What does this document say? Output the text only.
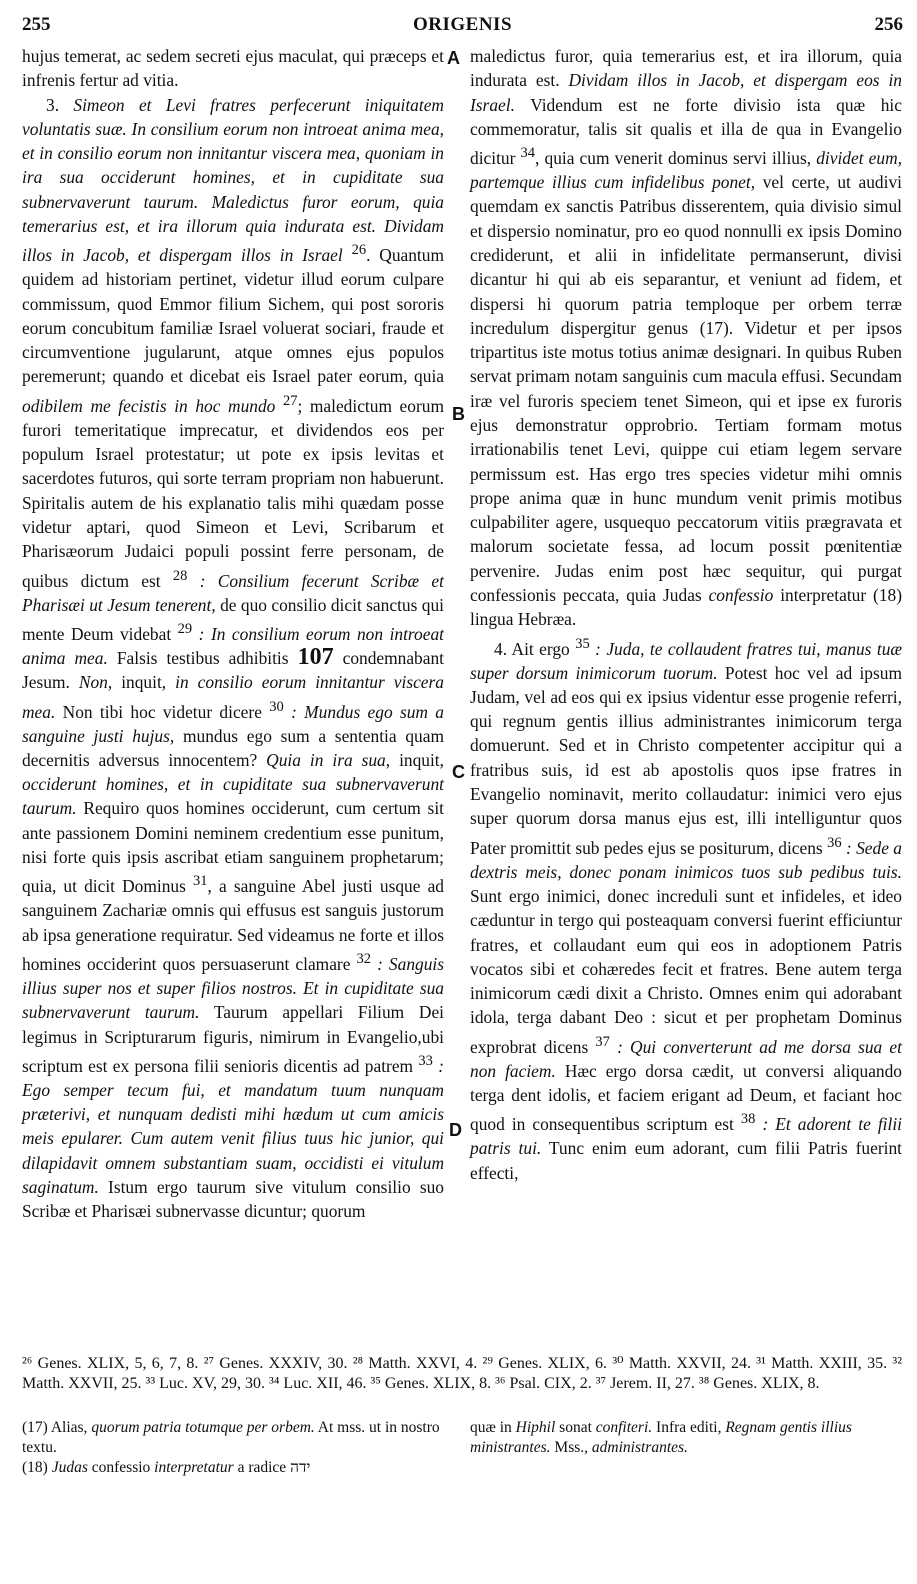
255	ORIGENIS	256
A
B
C
D

hujus temerat, ac sedem secreti ejus maculat, qui præceps et infrenis fertur ad vitia.

3. Simeon et Levi fratres perfecerunt iniquitatem voluntatis suæ. In consilium eorum non introeat anima mea, et in consilio eorum non innitantur viscera mea, quoniam in ira sua occiderunt homines, et in cupiditate sua subnervaverunt taurum. Maledictus furor eorum, quia temerarius est, et ira illorum quia indurata est. Dividam illos in Jacob, et dispergam illos in Israel $^{26}$. Quantum quidem ad historiam pertinet, videtur illud eorum culpare commissum, quod Emmor filium Sichem, qui post sororis eorum concubitum familiæ Israel voluerat sociari, fraude et circumventione jugularunt, atque omnes ejus populos peremerunt; quando et dicebat eis Israel pater eorum, quia odibilem me fecistis in hoc mundo $^{27}$; maledictum eorum furori temeritatique imprecatur, et dividendos eos per populum Israel protestatur; ut pote ex ipsis levitas et sacerdotes futuros, qui sorte terram propriam non habuerunt. Spiritalis autem de his explanatio talis mihi quædam posse videtur aptari, quod Simeon et Levi, Scribarum et Pharisæorum Judaici populi possint ferre personam, de quibus dictum est $^{28}$ : Consilium fecerunt Scribæ et Pharisæi ut Jesum tenerent, de quo consilio dicit sanctus qui mente Deum videbat $^{29}$ : In consilium eorum non introeat anima mea. Falsis testibus adhibitis 107 condemnabant Jesum. Non, inquit, in consilio eorum innitantur viscera mea. Non tibi hoc videtur dicere $^{30}$ : Mundus ego sum a sanguine justi hujus, mundus ego sum a sententia quam decernitis adversus innocentem? Quia in ira sua, inquit, occiderunt homines, et in cupiditate sua subnervaverunt taurum. Requiro quos homines occiderunt, cum certum sit ante passionem Domini neminem credentium esse punitum, nisi forte quis ipsis ascribat etiam sanguinem prophetarum; quia, ut dicit Dominus $^{31}$, a sanguine Abel justi usque ad sanguinem Zachariæ omnis qui effusus est sanguis justorum ab ipsa generatione requiratur. Sed videamus ne forte et illos homines occiderint quos persuaserunt clamare $^{32}$ : Sanguis illius super nos et super filios nostros. Et in cupiditate sua subnervaverunt taurum. Taurum appellari Filium Dei legimus in Scripturarum figuris, nimirum in Evangelio,ubi scriptum est ex persona filii senioris dicentis ad patrem $^{33}$ : Ego semper tecum fui, et mandatum tuum nunquam præterivi, et nunquam dedisti mihi hædum ut cum amicis meis epularer. Cum autem venit filius tuus hic junior, qui dilapidavit omnem substantiam suam, occidisti ei vitulum saginatum. Istum ergo taurum sive vitulum consilio suo Scribæ et Pharisæi subnervasse dicuntur; quorum

maledictus furor, quia temerarius est, et ira illorum, quia indurata est. Dividam illos in Jacob, et dispergam eos in Israel. Videndum est ne forte divisio ista quæ hic commemoratur, talis sit qualis et illa de qua in Evangelio dicitur $^{34}$, quia cum venerit dominus servi illius, dividet eum, partemque illius cum infidelibus ponet, vel certe, ut audivi quemdam ex sanctis Patribus disserentem, quia divisio simul et dispersio nominatur, pro eo quod nonnulli ex ipsis Domino crediderunt, et alii in infidelitate permanserunt, divisi dicantur hi qui ab eis separantur, et veniunt ad fidem, et dispersi hi quorum patria temploque per orbem terræ incredulum dispergitur genus (17). Videtur et per ipsos tripartitus iste motus totius animæ designari. In quibus Ruben servat primam notam sanguinis cum macula effusi. Secundam iræ vel furoris speciem tenet Simeon, qui et ipse ex furoris ejus demonstratur opprobrio. Tertiam formam motus irrationabilis tenet Levi, quippe cui etiam legem servare permissum est. Has ergo tres species videtur mihi omnis prope anima quæ in hunc mundum venit primis motibus culpabiliter agere, usquequo peccatorum vitiis prægravata et malorum societate fessa, ad locum possit pœnitentiæ pervenire. Judas enim post hæc sequitur, qui purgat confessionis peccata, quia Judas confessio interpretatur (18) lingua Hebræa.

4. Ait ergo $^{35}$ : Juda, te collaudent fratres tui, manus tuæ super dorsum inimicorum tuorum. Potest hoc vel ad ipsum Judam, vel ad eos qui ex ipsius videntur esse progenie referri, qui regnum gentis illius administrantes inimicorum terga domuerunt. Sed et in Christo competenter accipitur qui a fratribus suis, id est ab apostolis quos ipse fratres in Evangelio nominavit, merito collaudatur: inimici vero ejus super quorum dorsa manus ejus est, illi intelliguntur quos Pater promittit sub pedes ejus se positurum, dicens $^{36}$ : Sede a dextris meis, donec ponam inimicos tuos sub pedibus tuis. Sunt ergo inimici, donec increduli sunt et infideles, et ideo cæduntur in tergo qui posteaquam conversi fuerint efficiuntur fratres, et collaudant eum qui eos in adoptionem Patris vocatos sibi et cohæredes fecit et fratres. Bene autem terga inimicorum cædi dixit a Christo. Omnes enim qui adorabant idola, terga dabant Deo : sicut et per prophetam Dominus exprobrat dicens $^{37}$ : Qui converterunt ad me dorsa sua et non faciem. Hæc ergo dorsa cædit, ut conversi aliquando terga dent idolis, et faciem erigant ad Deum, et faciant hoc quod in consequentibus scriptum est $^{38}$ : Et adorent te filii patris tui. Tunc enim eum adorant, cum filii Patris fuerint effecti,

²⁶ Genes. XLIX, 5, 6, 7, 8. ²⁷ Genes. XXXIV, 30. ²⁸ Matth. XXVI, 4. ²⁹ Genes. XLIX, 6. ³⁰ Matth. XXVII, 24. ³¹ Matth. XXIII, 35. ³² Matth. XXVII, 25. ³³ Luc. XV, 29, 30. ³⁴ Luc. XII, 46. ³⁵ Genes. XLIX, 8. ³⁶ Psal. CIX, 2. ³⁷ Jerem. II, 27. ³⁸ Genes. XLIX, 8.

(17) Alias, quorum patria totumque per orbem. At mss. ut in nostro textu.

(18) Judas confessio interpretatur a radice ידה

quæ in Hiphil sonat confiteri. Infra editi, Regnam gentis illius ministrantes. Mss., administrantes.
